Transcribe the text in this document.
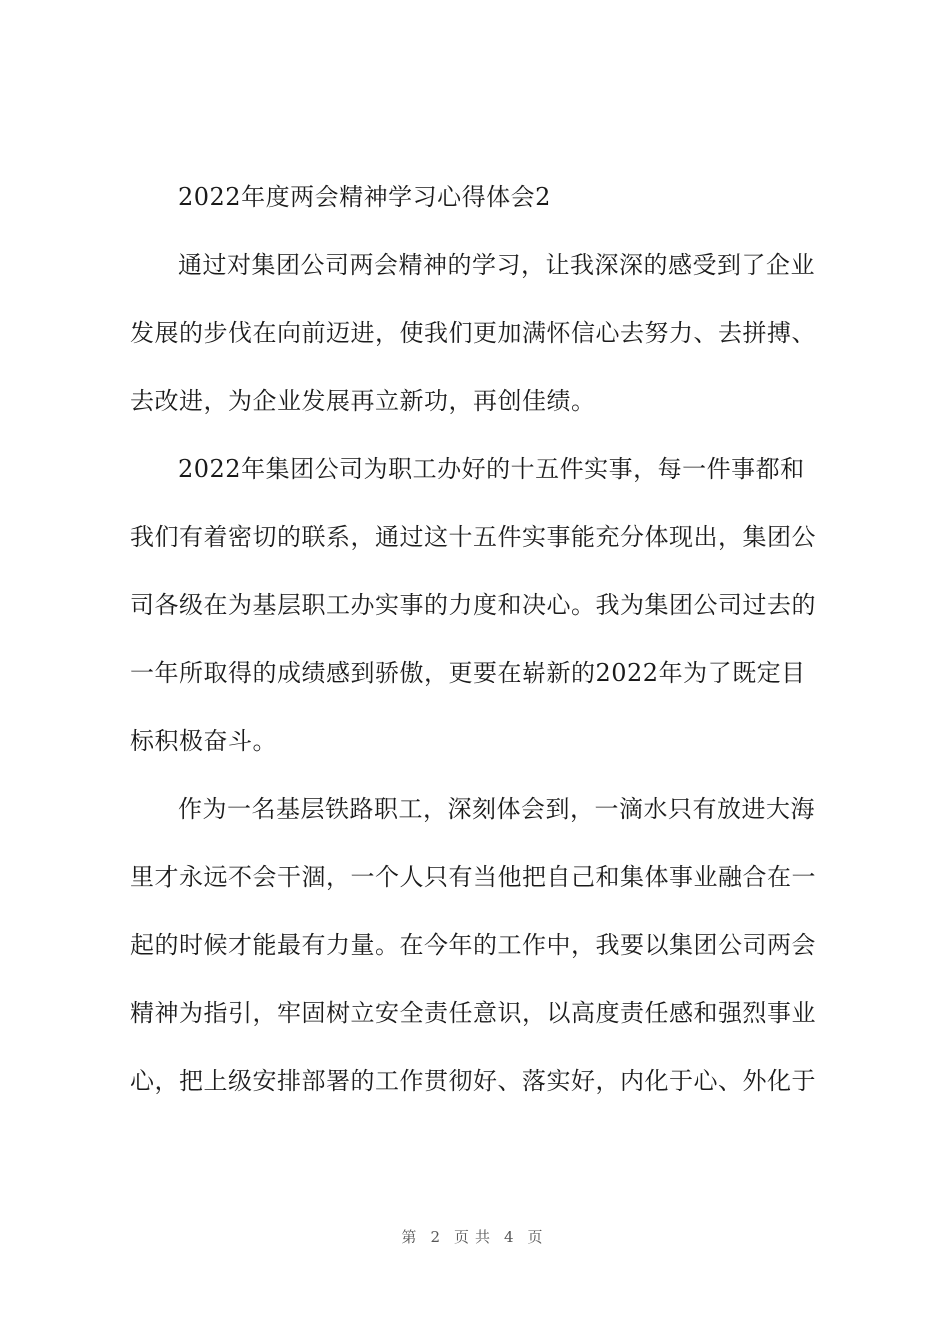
2022年度两会精神学习心得体会2
通过对集团公司两会精神的学习，让我深深的感受到了企业
发展的步伐在向前迈进，使我们更加满怀信心去努力、去拼搏、
去改进，为企业发展再立新功，再创佳绩。
2022年集团公司为职工办好的十五件实事，每一件事都和
我们有着密切的联系，通过这十五件实事能充分体现出，集团公
司各级在为基层职工办实事的力度和决心。我为集团公司过去的
一年所取得的成绩感到骄傲，更要在崭新的2022年为了既定目
标积极奋斗。
作为一名基层铁路职工，深刻体会到，一滴水只有放进大海
里才永远不会干涸，一个人只有当他把自己和集体事业融合在一
起的时候才能最有力量。在今年的工作中，我要以集团公司两会
精神为指引，牢固树立安全责任意识，以高度责任感和强烈事业
心，把上级安排部署的工作贯彻好、落实好，内化于心、外化于
第 2 页共 4 页
